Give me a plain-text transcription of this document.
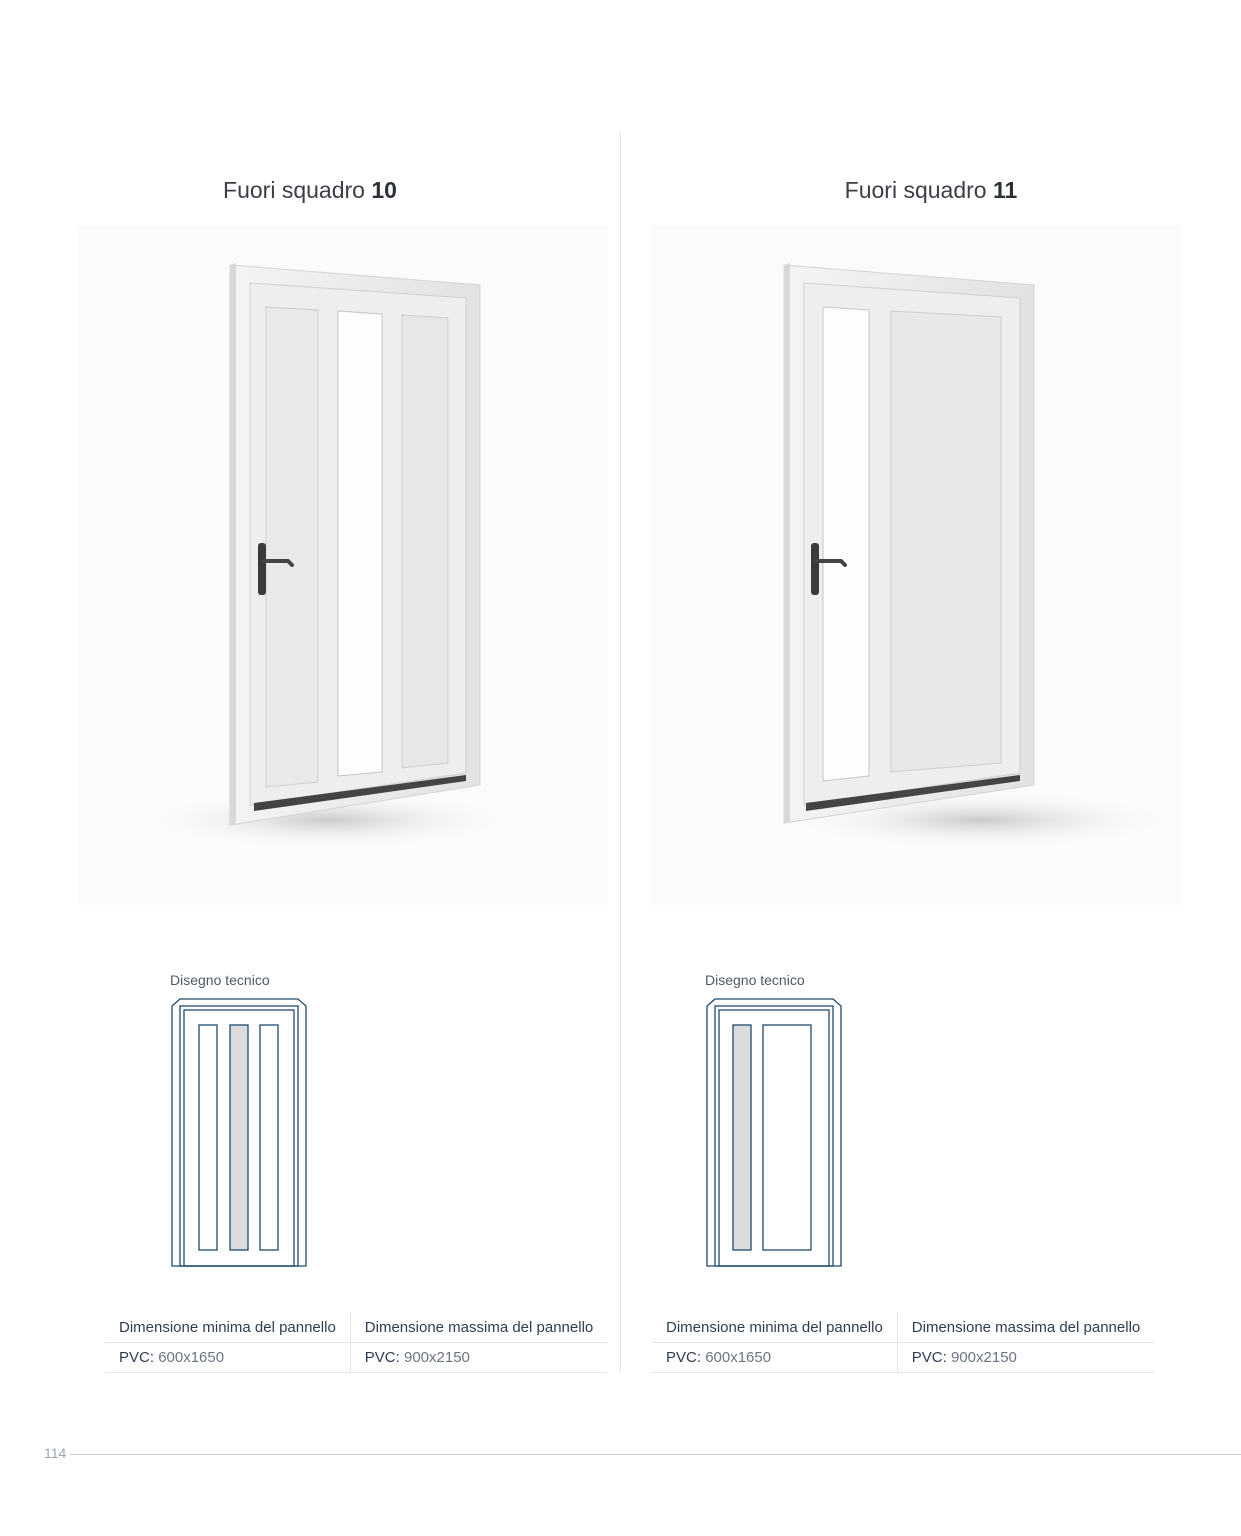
Fuori squadro 10
Disegno tecnico
Dimensione minima del pannello	Dimensione massima del pannello
PVC: 600x1650	PVC: 900x2150
Fuori squadro 11
Disegno tecnico
Dimensione minima del pannello	Dimensione massima del pannello
PVC: 600x1650	PVC: 900x2150
114
